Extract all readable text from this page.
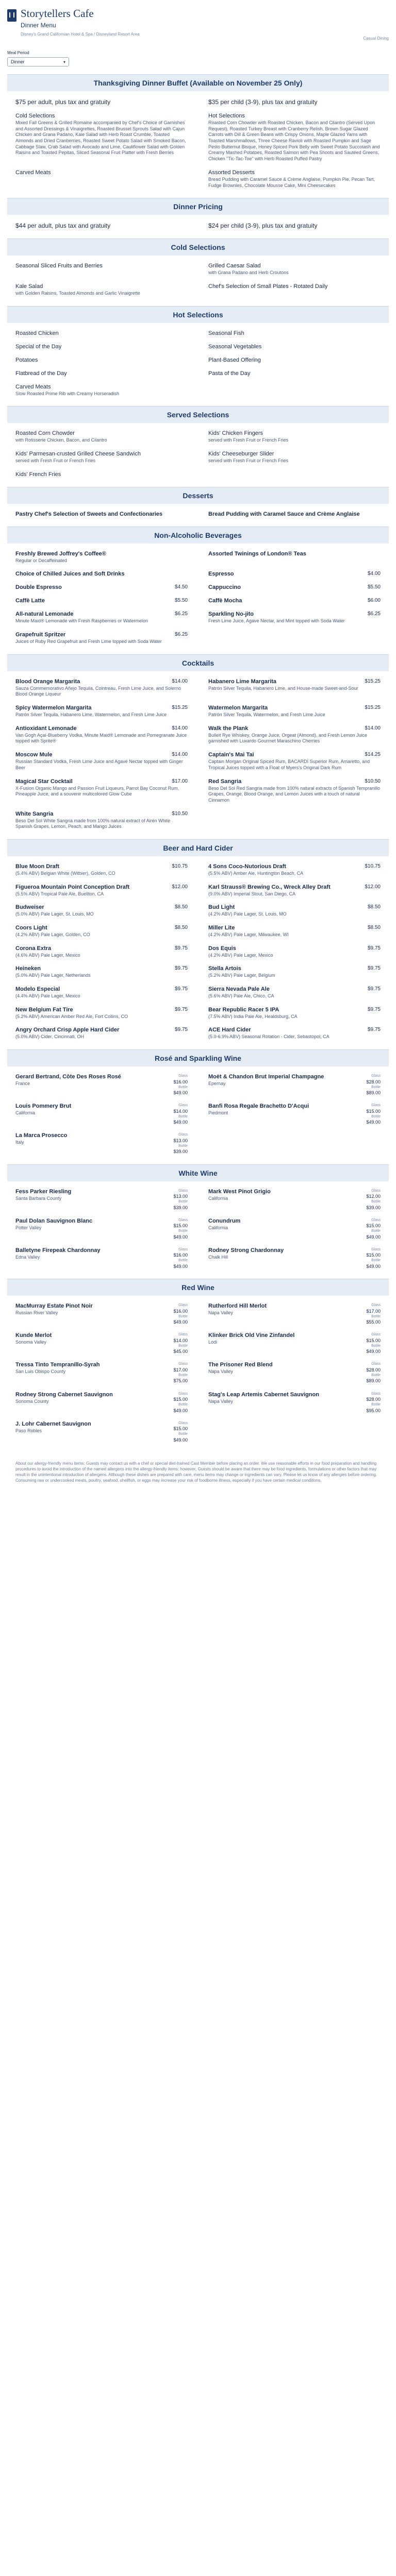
Storytellers Cafe
Dinner Menu
Disney's Grand Californian Hotel & Spa / Disneyland Resort Area
Casual Dining
Meal Period
Dinner	▾
Thanksgiving Dinner Buffet (Available on November 25 Only)
$75 per adult, plus tax and gratuity	$35 per child (3-9), plus tax and gratuity
Cold Selections
Mixed Fall Greens & Grilled Romaine accompanied by Chef's Choice of Garnishes and Assorted Dressings & Vinaigrettes, Roasted Brussel Sprouts Salad with Cajun Chicken and Grana Padano, Kale Salad with Herb Roast Crumble, Toasted Almonds and Dried Cranberries, Roasted Sweet Potato Salad with Smoked Bacon, Cabbage Slaw, Crab Salad with Avocado and Lime, Cauliflower Salad with Golden Raisins and Toasted Pepitas, Sliced Seasonal Fruit Platter with Fresh Berries
Hot Selections
Roasted Corn Chowder with Roasted Chicken, Bacon and Cilantro (Served Upon Request), Roasted Turkey Breast with Cranberry Relish, Brown Sugar Glazed Carrots with Dill & Green Beans with Crispy Onions, Maple Glazed Yams with Toasted Marshmallows, Three Cheese Ravioli with Roasted Pumpkin and Sage Pesto Butternut Bisque, Honey Spiced Pork Belly with Sweet Potato Succotash and Creamy Mashed Potatoes, Roasted Salmon with Pea Shoots and Sautéed Greens, Chicken "Tic-Tac-Toe" with Herb Roasted Puffed Pastry
Carved Meats	Assorted Desserts
Bread Pudding with Caramel Sauce & Crème Anglaise, Pumpkin Pie, Pecan Tart, Fudge Brownies, Chocolate Mousse Cake, Mini Cheesecakes
Dinner Pricing
$44 per adult, plus tax and gratuity	$24 per child (3-9), plus tax and gratuity
Cold Selections
Seasonal Sliced Fruits and Berries	Grilled Caesar Salad
with Grana Padano and Herb Croutons
Kale Salad
with Golden Raisins, Toasted Almonds and Garlic Vinaigrette
Chef's Selection of Small Plates - Rotated Daily
Hot Selections
Roasted Chicken	Seasonal Fish
Special of the Day	Seasonal Vegetables
Potatoes	Plant-Based Offering
Flatbread of the Day	Pasta of the Day
Carved Meats
Slow Roasted Prime Rib with Creamy Horseradish
Served Selections
Roasted Corn Chowder
with Rotisserie Chicken, Bacon, and Cilantro
Kids' Chicken Fingers
served with Fresh Fruit or French Fries
Kids' Parmesan-crusted Grilled Cheese Sandwich
served with Fresh Fruit or French Fries
Kids' Cheeseburger Slider
served with Fresh Fruit or French Fries
Kids' French Fries
Desserts
Pastry Chef's Selection of Sweets and Confectionaries	Bread Pudding with Caramel Sauce and Crème Anglaise
Non-Alcoholic Beverages
Freshly Brewed Joffrey's Coffee®
Regular or Decaffeinated
Assorted Twinings of London® Teas
Choice of Chilled Juices and Soft Drinks	Espresso	$4.00
Double Espresso	$4.50	Cappuccino	$5.50
Caffè Latte	$5.50	Caffè Mocha	$6.00
All-natural Lemonade	$6.25
Minute Maid® Lemonade with Fresh Raspberries or Watermelon
Sparkling No-jito	$6.25
Fresh Lime Juice, Agave Nectar, and Mint topped with Soda Water
Grapefruit Spritzer	$6.25
Juices of Ruby Red Grapefruit and Fresh Lime topped with Soda Water
Cocktails
Blood Orange Margarita	$14.00
Sauza Commemorativo Añejo Tequila, Cointreau, Fresh Lime Juice, and Solerno Blood Orange Liqueur
Habanero Lime Margarita	$15.25
Patrón Silver Tequila, Habanero Lime, and House-made Sweet-and-Sour
Spicy Watermelon Margarita	$15.25
Patrón Silver Tequila, Habanero Lime, Watermelon, and Fresh Lime Juice
Watermelon Margarita	$15.25
Patrón Silver Tequila, Watermelon, and Fresh Lime Juice
Antioxidant Lemonade	$14.00
Van Gogh Açaí-Blueberry Vodka, Minute Maid® Lemonade and Pomegranate Juice topped with Sprite®
Walk the Plank	$14.00
Bulleit Rye Whiskey, Orange Juice, Orgeat (Almond), and Fresh Lemon Juice garnished with Luxardo Gourmet Maraschino Cherries
Moscow Mule	$14.00
Russian Standard Vodka, Fresh Lime Juice and Agave Nectar topped with Ginger Beer
Captain's Mai Tai	$14.25
Captain Morgan Original Spiced Rum, BACARDÍ Superior Rum, Amaretto, and Tropical Juices topped with a Float of Myers's Original Dark Rum
Magical Star Cocktail	$17.00
X-Fusion Organic Mango and Passion Fruit Liqueurs, Parrot Bay Coconut Rum, Pineapple Juice, and a souvenir multicolored Glow Cube
Red Sangria	$10.50
Beso Del Sol Red Sangria made from 100% natural extracts of Spanish Tempranillo Grapes, Orange, Blood Orange, and Lemon Juices with a touch of natural Cinnamon
White Sangria	$10.50
Beso Del Sol White Sangria made from 100% natural extract of Airén White Spanish Grapes, Lemon, Peach, and Mango Juices
Beer and Hard Cider
Blue Moon Draft	$10.75
(5.4% ABV) Belgian White (Witbier), Golden, CO
4 Sons Coco-Nutorious Draft	$10.75
(5.5% ABV) Amber Ale, Huntington Beach, CA
Figueroa Mountain Point Conception Draft	$12.00
(5.5% ABV) Tropical Pale Ale, Buellton, CA
Karl Strauss® Brewing Co., Wreck Alley Draft	$12.00
(9.0% ABV) Imperial Stout, San Diego, CA
Budweiser	$8.50
(5.0% ABV) Pale Lager, St. Louis, MO
Bud Light	$8.50
(4.2% ABV) Pale Lager, St. Louis, MO
Coors Light	$8.50
(4.2% ABV) Pale Lager, Golden, CO
Miller Lite	$8.50
(4.2% ABV) Pale Lager, Milwaukee, WI
Corona Extra	$9.75
(4.6% ABV) Pale Lager, Mexico
Dos Equis	$9.75
(4.2% ABV) Pale Lager, Mexico
Heineken	$9.75
(5.0% ABV) Pale Lager, Netherlands
Stella Artois	$9.75
(5.2% ABV) Pale Lager, Belgium
Modelo Especial	$9.75
(4.4% ABV) Pale Lager, Mexico
Sierra Nevada Pale Ale	$9.75
(5.6% ABV) Pale Ale, Chico, CA
New Belgium Fat Tire	$9.75
(5.2% ABV) American Amber Red Ale, Fort Collins, CO
Bear Republic Racer 5 IPA	$9.75
(7.5% ABV) India Pale Ale, Healdsburg, CA
Angry Orchard Crisp Apple Hard Cider	$9.75
(5.0% ABV) Cider, Cincinnati, OH
ACE Hard Cider	$9.75
(5.0-6.9% ABV) Seasonal Rotation - Cider, Sebastopol, CA
Rosé and Sparkling Wine
Gerard Bertrand, Côte Des Roses Rosé
France
Glass
$16.00
Bottle
$49.00
Moët & Chandon Brut Imperial Champagne
Epernay
Glass
$28.00
Bottle
$89.00
Louis Pommery Brut
California
Glass
$14.00
Bottle
$49.00
Banfi Rosa Regale Brachetto D'Acqui
Piedmont
Glass
$15.00
Bottle
$49.00
La Marca Prosecco
Italy
Glass
$13.00
Bottle
$39.00
White Wine
Fess Parker Riesling
Santa Barbara County
Glass
$13.00
Bottle
$39.00
Mark West Pinot Grigio
California
Glass
$12.00
Bottle
$39.00
Paul Dolan Sauvignon Blanc
Potter Valley
Glass
$15.00
Bottle
$49.00
Conundrum
California
Glass
$15.00
Bottle
$49.00
Balletyne Firepeak Chardonnay
Edna Valley
Glass
$16.00
Bottle
$49.00
Rodney Strong Chardonnay
Chalk Hill
Glass
$15.00
Bottle
$49.00
Red Wine
MacMurray Estate Pinot Noir
Russian River Valley
Glass
$16.00
Bottle
$49.00
Rutherford Hill Merlot
Napa Valley
Glass
$17.00
Bottle
$55.00
Kunde Merlot
Sonoma Valley
Glass
$14.00
Bottle
$45.00
Klinker Brick Old Vine Zinfandel
Lodi
Glass
$15.00
Bottle
$49.00
Tressa Tinto Tempranillo-Syrah
San Luis Obispo County
Glass
$17.00
Bottle
$75.00
The Prisoner Red Blend
Napa Valley
Glass
$28.00
Bottle
$89.00
Rodney Strong Cabernet Sauvignon
Sonoma County
Glass
$15.00
Bottle
$49.00
Stag's Leap Artemis Cabernet Sauvignon
Napa Valley
Glass
$28.00
Bottle
$95.00
J. Lohr Cabernet Sauvignon
Paso Robles
Glass
$15.00
Bottle
$49.00
About our allergy-friendly menu items: Guests may contact us with a chef or special diet-trained Cast Member before placing an order. We use reasonable efforts in our food preparation and handling procedures to avoid the introduction of the named allergens into the allergy-friendly items; however, Guests should be aware that there may be food ingredients, formulations or other factors that may result in the unintentional introduction of allergens. Although these dishes are prepared with care, menu items may change or ingredients can vary. Please let us know of any allergies before ordering. Consuming raw or undercooked meats, poultry, seafood, shellfish, or eggs may increase your risk of foodborne illness, especially if you have certain medical conditions.
